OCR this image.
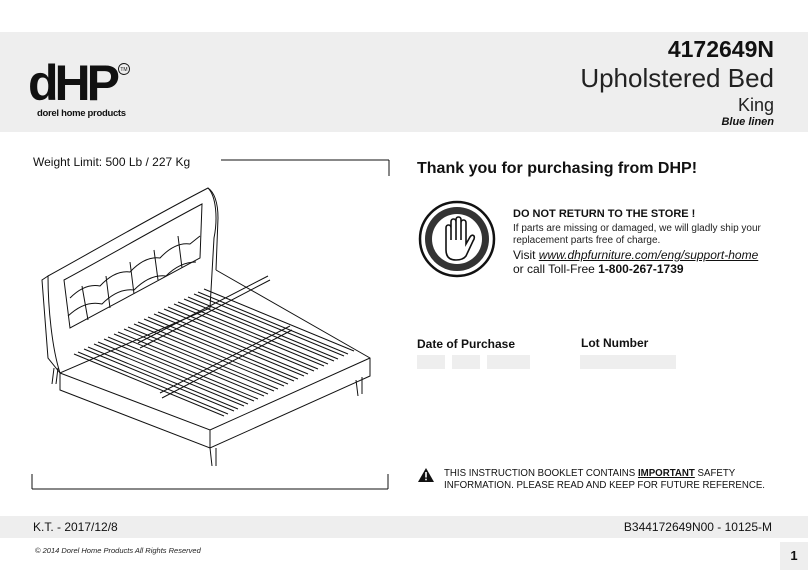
dHP TM
dorel home products
4172649N
Upholstered Bed
King
Blue linen
Weight Limit: 500 Lb / 227 Kg	Thank you for purchasing from DHP!
DO NOT RETURN TO THE STORE !
If parts are missing or damaged, we will gladly ship your replacement parts free of charge.
Visit www.dhpfurniture.com/eng/support-home
or call Toll-Free 1-800-267-1739
Date of Purchase	Lot Number
THIS INSTRUCTION BOOKLET CONTAINS IMPORTANT SAFETY
INFORMATION. PLEASE READ AND KEEP FOR FUTURE REFERENCE.
K.T. - 2017/12/8	B344172649N00 - 10125-M
© 2014 Dorel Home Products All Rights Reserved	1
